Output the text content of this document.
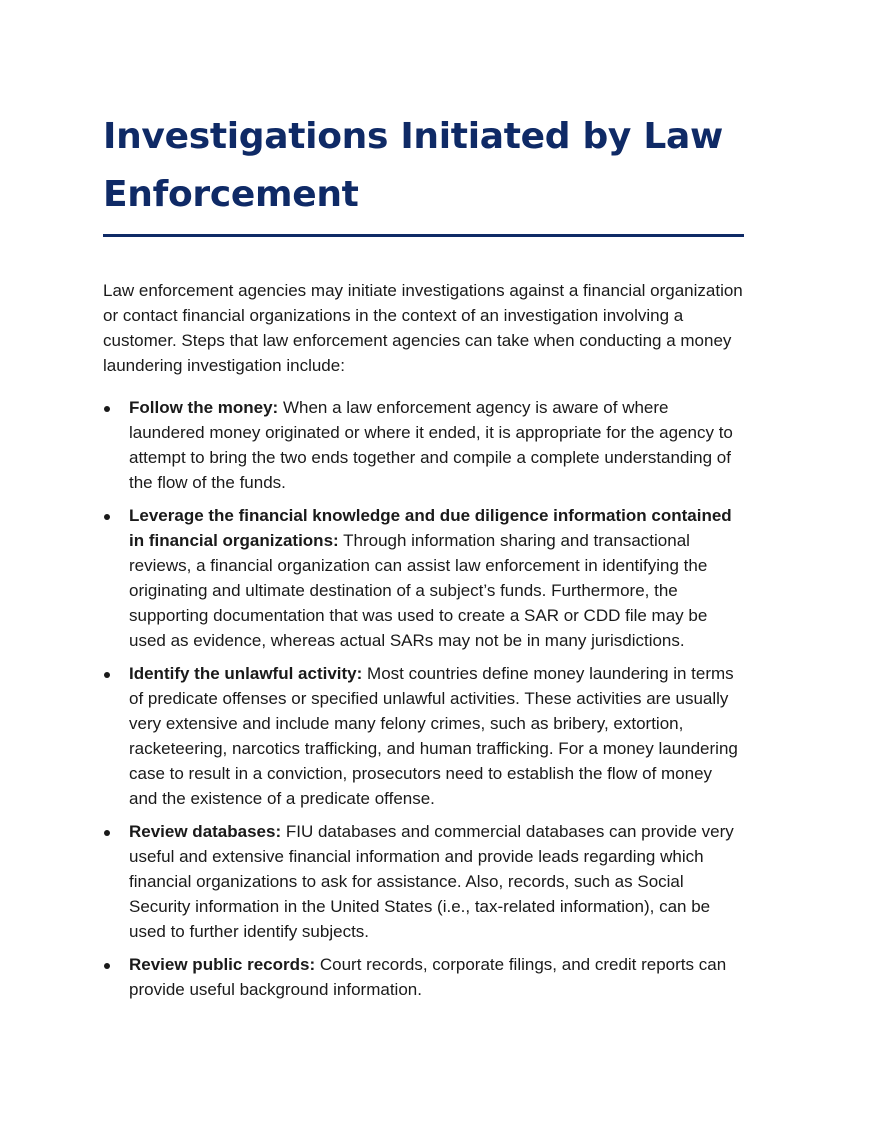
Investigations Initiated by Law Enforcement

Law enforcement agencies may initiate investigations against a financial organization or contact financial organizations in the context of an investigation involving a customer. Steps that law enforcement agencies can take when conducting a money laundering investigation include:

Follow the money: When a law enforcement agency is aware of where laundered money originated or where it ended, it is appropriate for the agency to attempt to bring the two ends together and compile a complete understanding of the flow of the funds.
Leverage the financial knowledge and due diligence information contained in financial organizations: Through information sharing and transactional reviews, a financial organization can assist law enforcement in identifying the originating and ultimate destination of a subject’s funds. Furthermore, the supporting documentation that was used to create a SAR or CDD file may be used as evidence, whereas actual SARs may not be in many jurisdictions.
Identify the unlawful activity: Most countries define money laundering in terms of predicate offenses or specified unlawful activities. These activities are usually very extensive and include many felony crimes, such as bribery, extortion, racketeering, narcotics trafficking, and human trafficking. For a money laundering case to result in a conviction, prosecutors need to establish the flow of money and the existence of a predicate offense.
Review databases: FIU databases and commercial databases can provide very useful and extensive financial information and provide leads regarding which financial organizations to ask for assistance. Also, records, such as Social Security information in the United States (i.e., tax-related information), can be used to further identify subjects.
Review public records: Court records, corporate filings, and credit reports can provide useful background information.
